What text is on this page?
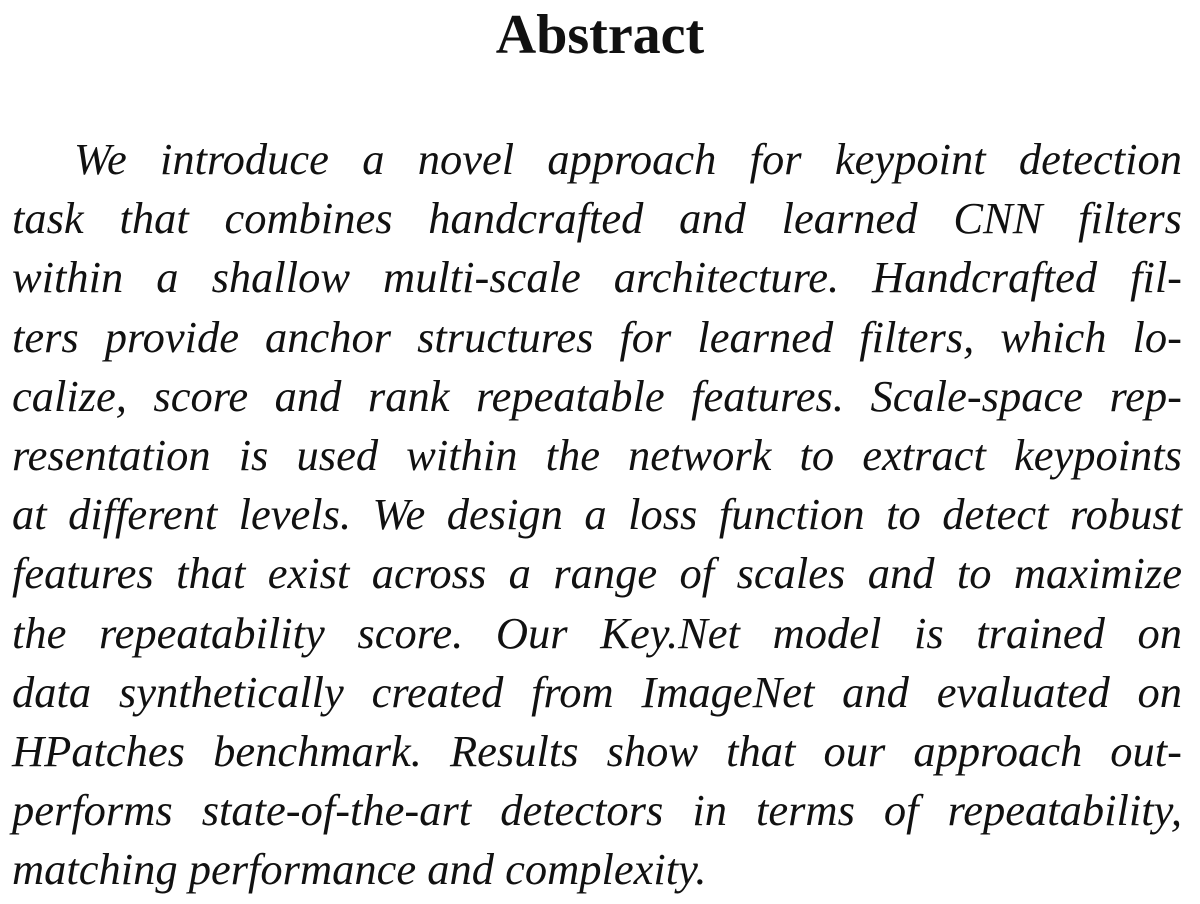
Abstract
We introduce a novel approach for keypoint detection
task that combines handcrafted and learned CNN filters
within a shallow multi-scale architecture. Handcrafted fil-
ters provide anchor structures for learned filters, which lo-
calize, score and rank repeatable features. Scale-space rep-
resentation is used within the network to extract keypoints
at different levels. We design a loss function to detect robust
features that exist across a range of scales and to maximize
the repeatability score. Our Key.Net model is trained on
data synthetically created from ImageNet and evaluated on
HPatches benchmark. Results show that our approach out-
performs state-of-the-art detectors in terms of repeatability,
matching performance and complexity.
